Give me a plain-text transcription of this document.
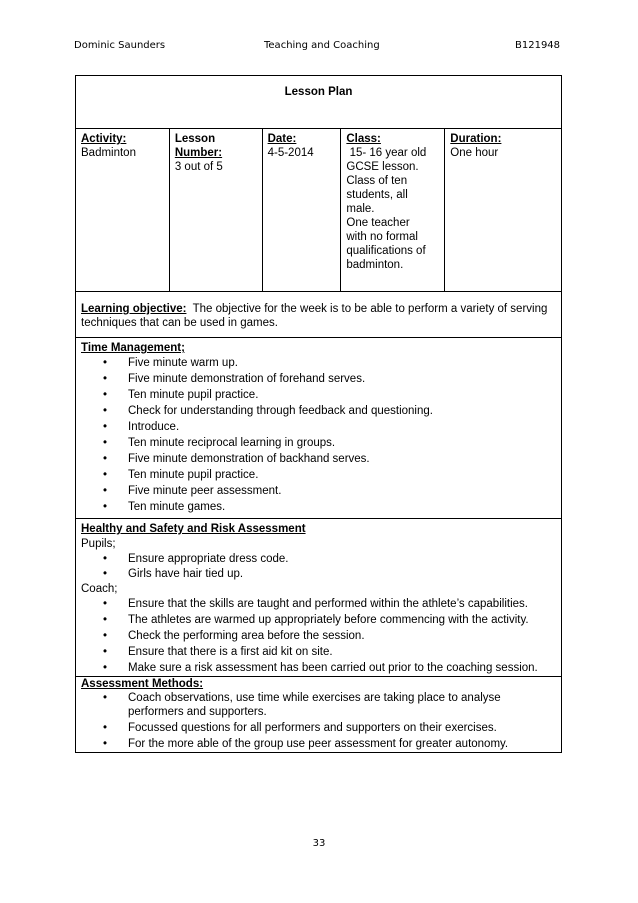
Dominic Saunders	Teaching and Coaching	B121948
Lesson Plan

Activity:
Badminton	
Lesson
Number:
3 out of 5	
Date:
4-5-2014	
Class:
15- 16 year old
GCSE lesson.
Class of ten
students, all
male.
One teacher
with no formal
qualifications of
badminton.

Duration:
One hour
Learning objective:  The objective for the week is to be able to perform a variety of serving techniques that can be used in games.

Time Management;
• Five minute warm up.
• Five minute demonstration of forehand serves.
• Ten minute pupil practice.
• Check for understanding through feedback and questioning.
• Introduce.
• Ten minute reciprocal learning in groups.
• Five minute demonstration of backhand serves.
• Ten minute pupil practice.
• Five minute peer assessment.
• Ten minute games.

Healthy and Safety and Risk Assessment
Pupils;
• Ensure appropriate dress code.
• Girls have hair tied up.
Coach;
• Ensure that the skills are taught and performed within the athlete’s capabilities.
• The athletes are warmed up appropriately before commencing with the activity.
• Check the performing area before the session.
• Ensure that there is a first aid kit on site.
• Make sure a risk assessment has been carried out prior to the coaching session.

Assessment Methods:
• Coach observations, use time while exercises are taking place to analyse performers and supporters.
• Focussed questions for all performers and supporters on their exercises.
• For the more able of the group use peer assessment for greater autonomy.
33
